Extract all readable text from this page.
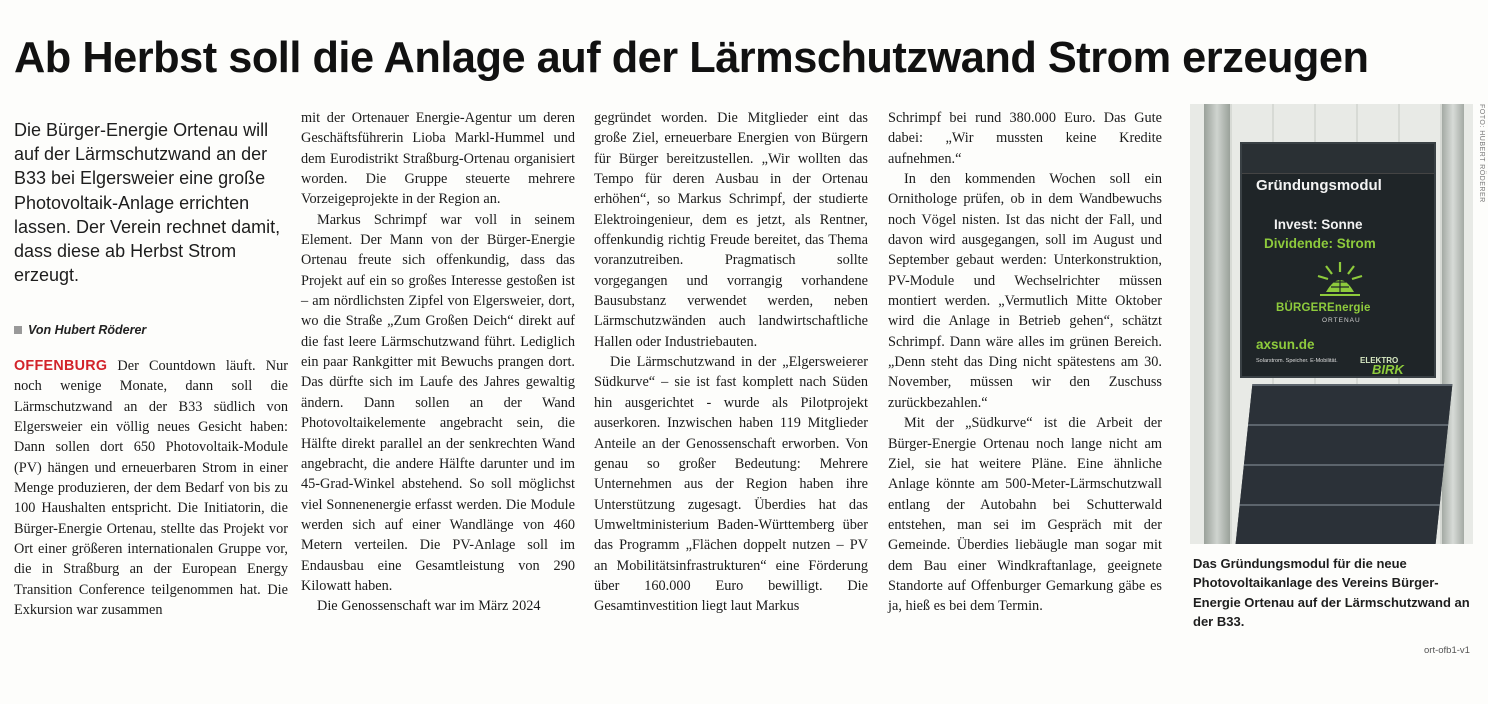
Ab Herbst soll die Anlage auf der Lärmschutzwand Strom erzeugen
Die Bürger-Energie Ortenau will auf der Lärmschutzwand an der B33 bei Elgersweier eine große Photovoltaik-Anlage errichten lassen. Der Verein rechnet damit, dass diese ab Herbst Strom erzeugt.
Von Hubert Röderer

OFFENBURG Der Countdown läuft. Nur noch wenige Monate, dann soll die Lärmschutzwand an der B33 südlich von Elgersweier ein völlig neues Gesicht haben: Dann sollen dort 650 Photovoltaik-Module (PV) hängen und erneuerbaren Strom in einer Menge produzieren, der dem Bedarf von bis zu 100 Haushalten entspricht. Die Initiatorin, die Bürger-Energie Ortenau, stellte das Projekt vor Ort einer größeren internationalen Gruppe vor, die in Straßburg an der European Energy Transition Conference teilgenommen hat. Die Exkursion war zusammen

mit der Ortenauer Energie-Agentur um deren Geschäftsführerin Lioba Markl-Hummel und dem Eurodistrikt Straßburg-Ortenau organisiert worden. Die Gruppe steuerte mehrere Vorzeigeprojekte in der Region an.

Markus Schrimpf war voll in seinem Element. Der Mann von der Bürger-Energie Ortenau freute sich offenkundig, dass das Projekt auf ein so großes Interesse gestoßen ist – am nördlichsten Zipfel von Elgersweier, dort, wo die Straße „Zum Großen Deich“ direkt auf die fast leere Lärmschutzwand führt. Lediglich ein paar Rankgitter mit Bewuchs prangen dort. Das dürfte sich im Laufe des Jahres gewaltig ändern. Dann sollen an der Wand Photovoltaikelemente angebracht sein, die Hälfte direkt parallel an der senkrechten Wand angebracht, die andere Hälfte darunter und im 45-Grad-Winkel abstehend. So soll möglichst viel Sonnenenergie erfasst werden. Die Module werden sich auf einer Wandlänge von 460 Metern verteilen. Die PV-Anlage soll im Endausbau eine Gesamtleistung von 290 Kilowatt haben.

Die Genossenschaft war im März 2024

gegründet worden. Die Mitglieder eint das große Ziel, erneuerbare Energien von Bürgern für Bürger bereitzustellen. „Wir wollten das Tempo für deren Ausbau in der Ortenau erhöhen“, so Markus Schrimpf, der studierte Elektroingenieur, dem es jetzt, als Rentner, offenkundig richtig Freude bereitet, das Thema voranzutreiben. Pragmatisch sollte vorgegangen und vorrangig vorhandene Bausubstanz verwendet werden, neben Lärmschutzwänden auch landwirtschaftliche Hallen oder Industriebauten.

Die Lärmschutzwand in der „Elgersweierer Südkurve“ – sie ist fast komplett nach Süden hin ausgerichtet - wurde als Pilotprojekt auserkoren. Inzwischen haben 119 Mitglieder Anteile an der Genossenschaft erworben. Von genau so großer Bedeutung: Mehrere Unternehmen aus der Region haben ihre Unterstützung zugesagt. Überdies hat das Umweltministerium Baden-Württemberg über das Programm „Flächen doppelt nutzen – PV an Mobilitätsinfrastrukturen“ eine Förderung über 160.000 Euro bewilligt. Die Gesamtinvestition liegt laut Markus

Schrimpf bei rund 380.000 Euro. Das Gute dabei: „Wir mussten keine Kredite aufnehmen.“

In den kommenden Wochen soll ein Ornithologe prüfen, ob in dem Wandbewuchs noch Vögel nisten. Ist das nicht der Fall, und davon wird ausgegangen, soll im August und September gebaut werden: Unterkonstruktion, PV-Module und Wechselrichter müssen montiert werden. „Vermutlich Mitte Oktober wird die Anlage in Betrieb gehen“, schätzt Schrimpf. Dann wäre alles im grünen Bereich. „Denn steht das Ding nicht spätestens am 30. November, müssen wir den Zuschuss zurückbezahlen.“

Mit der „Südkurve“ ist die Arbeit der Bürger-Energie Ortenau noch lange nicht am Ziel, sie hat weitere Pläne. Eine ähnliche Anlage könnte am 500-Meter-Lärmschutzwall entlang der Autobahn bei Schutterwald entstehen, man sei im Gespräch mit der Gemeinde. Überdies liebäugle man sogar mit dem Bau einer Windkraftanlage, geeignete Standorte auf Offenburger Gemarkung gäbe es ja, hieß es bei dem Termin.

Gründungsmodul
Invest: Sonne
Dividende: Strom
BÜRGEREnergie
ORTENAU
axsun.de
Solarstrom. Speicher. E-Mobilität.	ELEKTRO
BIRK
FOTO: HUBERT RÖDERER
Das Gründungsmodul für die neue Photovoltaikanlage des Vereins Bürger-Energie Ortenau auf der Lärmschutzwand an der B33.
ort-ofb1-v1
